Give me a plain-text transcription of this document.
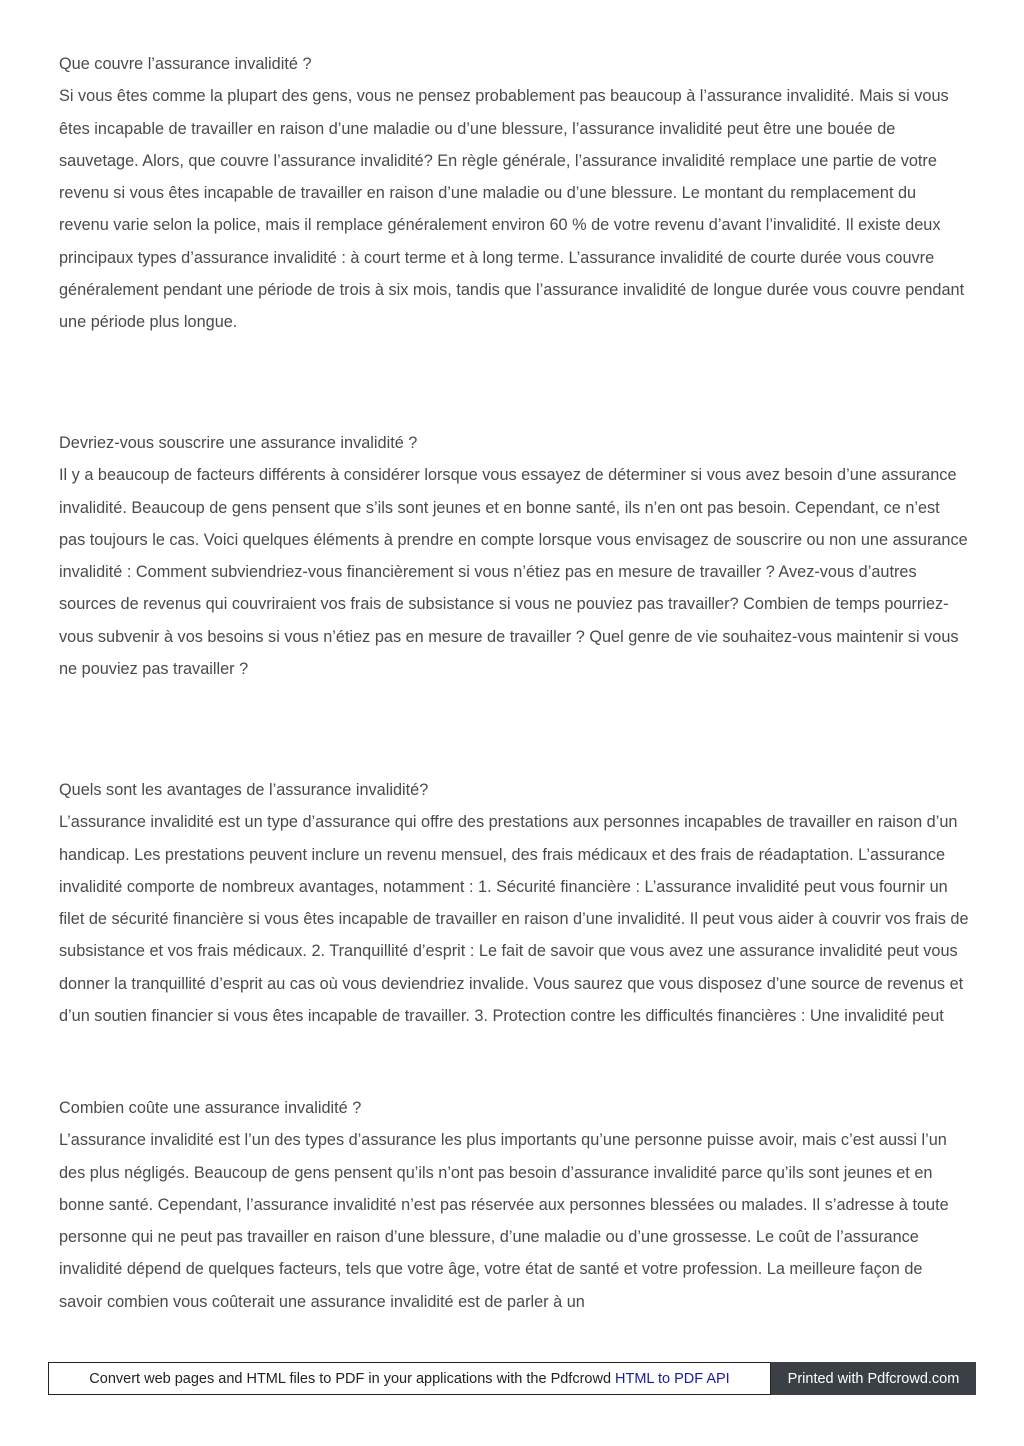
Que couvre l’assurance invalidité ?

Si vous êtes comme la plupart des gens, vous ne pensez probablement pas beaucoup à l’assurance invalidité. Mais si vous êtes incapable de travailler en raison d’une maladie ou d’une blessure, l’assurance invalidité peut être une bouée de sauvetage. Alors, que couvre l’assurance invalidité? En règle générale, l’assurance invalidité remplace une partie de votre revenu si vous êtes incapable de travailler en raison d’une maladie ou d’une blessure. Le montant du remplacement du revenu varie selon la police, mais il remplace généralement environ 60 % de votre revenu d’avant l’invalidité. Il existe deux principaux types d’assurance invalidité : à court terme et à long terme. L’assurance invalidité de courte durée vous couvre généralement pendant une période de trois à six mois, tandis que l’assurance invalidité de longue durée vous couvre pendant une période plus longue.

Devriez-vous souscrire une assurance invalidité ?

Il y a beaucoup de facteurs différents à considérer lorsque vous essayez de déterminer si vous avez besoin d’une assurance invalidité. Beaucoup de gens pensent que s’ils sont jeunes et en bonne santé, ils n’en ont pas besoin. Cependant, ce n’est pas toujours le cas. Voici quelques éléments à prendre en compte lorsque vous envisagez de souscrire ou non une assurance invalidité : Comment subviendriez-vous financièrement si vous n’étiez pas en mesure de travailler ? Avez-vous d’autres sources de revenus qui couvriraient vos frais de subsistance si vous ne pouviez pas travailler? Combien de temps pourriez-vous subvenir à vos besoins si vous n’étiez pas en mesure de travailler ? Quel genre de vie souhaitez-vous maintenir si vous ne pouviez pas travailler ?

Quels sont les avantages de l’assurance invalidité?

L’assurance invalidité est un type d’assurance qui offre des prestations aux personnes incapables de travailler en raison d’un handicap. Les prestations peuvent inclure un revenu mensuel, des frais médicaux et des frais de réadaptation. L’assurance invalidité comporte de nombreux avantages, notamment : 1. Sécurité financière : L’assurance invalidité peut vous fournir un filet de sécurité financière si vous êtes incapable de travailler en raison d’une invalidité. Il peut vous aider à couvrir vos frais de subsistance et vos frais médicaux. 2. Tranquillité d’esprit : Le fait de savoir que vous avez une assurance invalidité peut vous donner la tranquillité d’esprit au cas où vous deviendriez invalide. Vous saurez que vous disposez d’une source de revenus et d’un soutien financier si vous êtes incapable de travailler. 3. Protection contre les difficultés financières : Une invalidité peut

Combien coûte une assurance invalidité ?

L’assurance invalidité est l’un des types d’assurance les plus importants qu’une personne puisse avoir, mais c’est aussi l’un des plus négligés. Beaucoup de gens pensent qu’ils n’ont pas besoin d’assurance invalidité parce qu’ils sont jeunes et en bonne santé. Cependant, l’assurance invalidité n’est pas réservée aux personnes blessées ou malades. Il s’adresse à toute personne qui ne peut pas travailler en raison d’une blessure, d’une maladie ou d’une grossesse. Le coût de l’assurance invalidité dépend de quelques facteurs, tels que votre âge, votre état de santé et votre profession. La meilleure façon de savoir combien vous coûterait une assurance invalidité est de parler à un

Convert web pages and HTML files to PDF in your applications with the Pdfcrowd HTML to PDF API	Printed with Pdfcrowd.com
